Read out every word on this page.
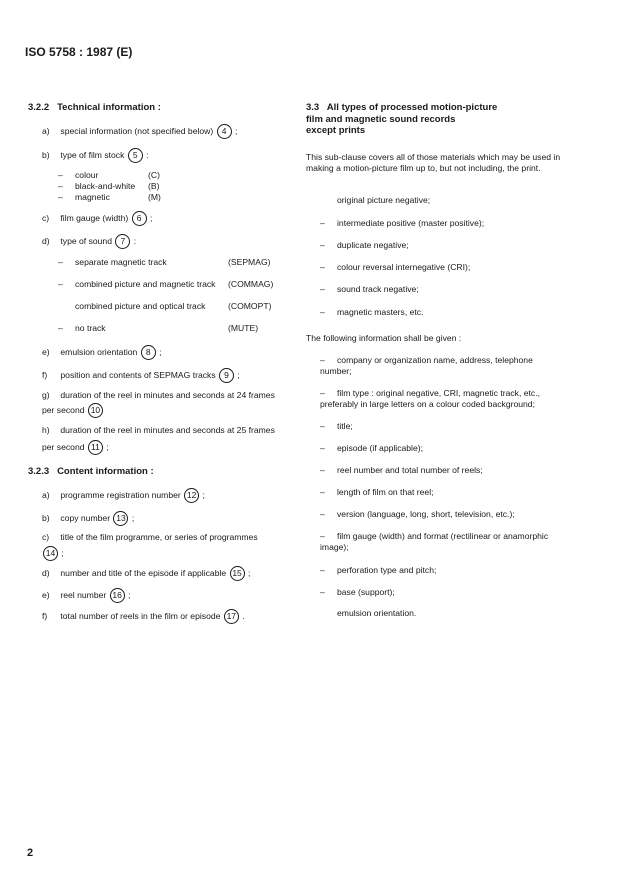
ISO 5758 : 1987 (E)
3.2.2 Technical information :
a) special information (not specified below) 4 ;
b) type of film stock 5 :
– colour	(C)
– black-and-white (B)
– magnetic	(M)
c) film gauge (width) 6 ;
d) type of sound 7 :
– separate magnetic track	(SEPMAG)
– combined picture and magnetic track (COMMAG)
combined picture and optical track	(COMOPT)
– no track	(MUTE)
e) emulsion orientation 8 ;
f) position and contents of SEPMAG tracks 9 ;
g) duration of the reel in minutes and seconds at 24 frames
per second 10
h) duration of the reel in minutes and seconds at 25 frames
per second 11 ;
3.2.3 Content information :
a) programme registration number 12 ;
b) copy number 13 ;
c) title of the film programme, or series of programmes
14 ;
d) number and title of the episode if applicable 15 ;
e) reel number 16 ;
f) total number of reels in the film or episode 17 .
3.3 All types of processed motion-picture
film and magnetic sound records
except prints
This sub-clause covers all of those materials which may be used in making a motion-picture film up to, but not including, the print.
original picture negative;
– intermediate positive (master positive);
– duplicate negative;
– colour reversal internegative (CRI);
– sound track negative;
– magnetic masters, etc.
The following information shall be given :
– company or organization name, address, telephone number;
– film type : original negative, CRI, magnetic track, etc., preferably in large letters on a colour coded background;
– title;
– episode (if applicable);
– reel number and total number of reels;
– length of film on that reel;
– version (language, long, short, television, etc.);
– film gauge (width) and format (rectilinear or anamorphic image);
– perforation type and pitch;
– base (support);
emulsion orientation.
2
